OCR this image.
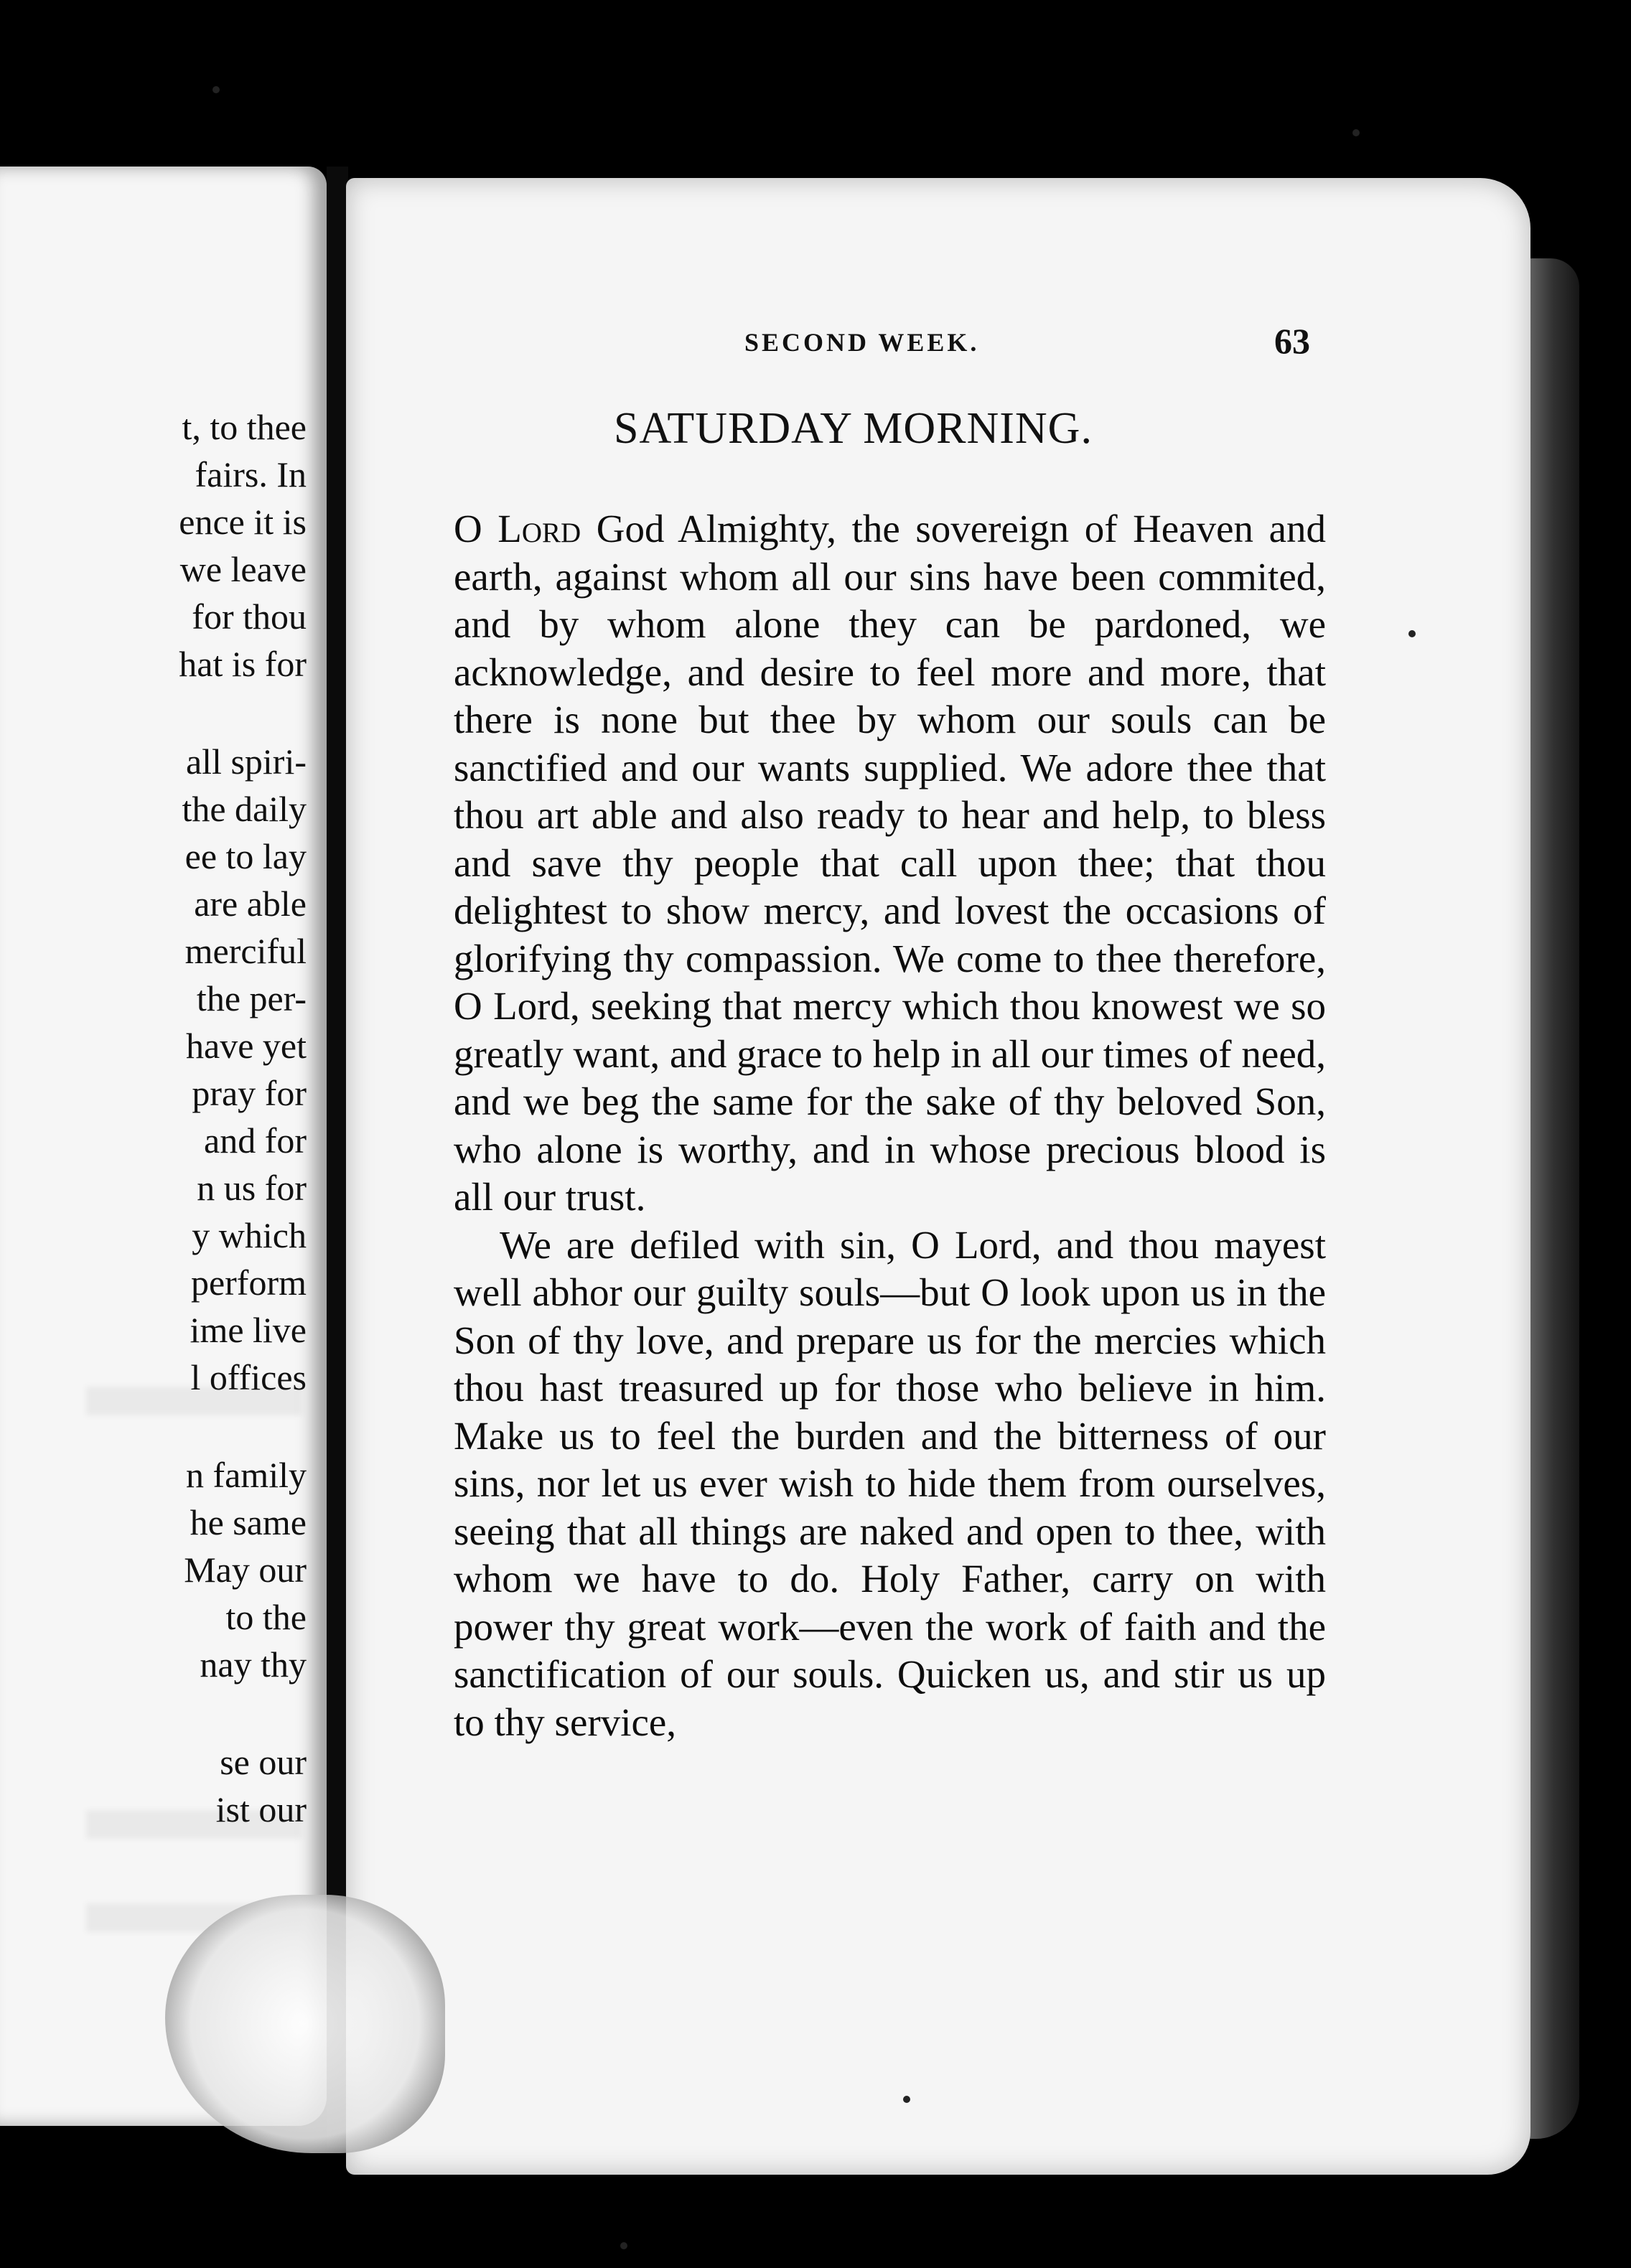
t, to thee
fairs. In
ence it is
we leave
for thou
hat is for
all spiri-
the daily
ee to lay
are able
merciful
the per-
have yet
pray for
and for
n us for
y which
perform
ime live
l offices
n family
he same
May our
to the
nay thy
se our
ist our
SECOND WEEK.	63
SATURDAY MORNING.

O Lord God Almighty, the sovereign of Heaven and earth, against whom all our sins have been commited, and by whom alone they can be pardoned, we acknowledge, and desire to feel more and more, that there is none but thee by whom our souls can be sanctified and our wants supplied. We adore thee that thou art able and also ready to hear and help, to bless and save thy people that call upon thee; that thou delightest to show mercy, and lovest the occasions of glorifying thy compassion. We come to thee therefore, O Lord, seeking that mercy which thou knowest we so greatly want, and grace to help in all our times of need, and we beg the same for the sake of thy beloved Son, who alone is worthy, and in whose precious blood is all our trust.

We are defiled with sin, O Lord, and thou mayest well abhor our guilty souls—but O look upon us in the Son of thy love, and prepare us for the mercies which thou hast treasured up for those who believe in him. Make us to feel the burden and the bitterness of our sins, nor let us ever wish to hide them from ourselves, seeing that all things are naked and open to thee, with whom we have to do. Holy Father, carry on with power thy great work—even the work of faith and the sanctification of our souls. Quicken us, and stir us up to thy service,
